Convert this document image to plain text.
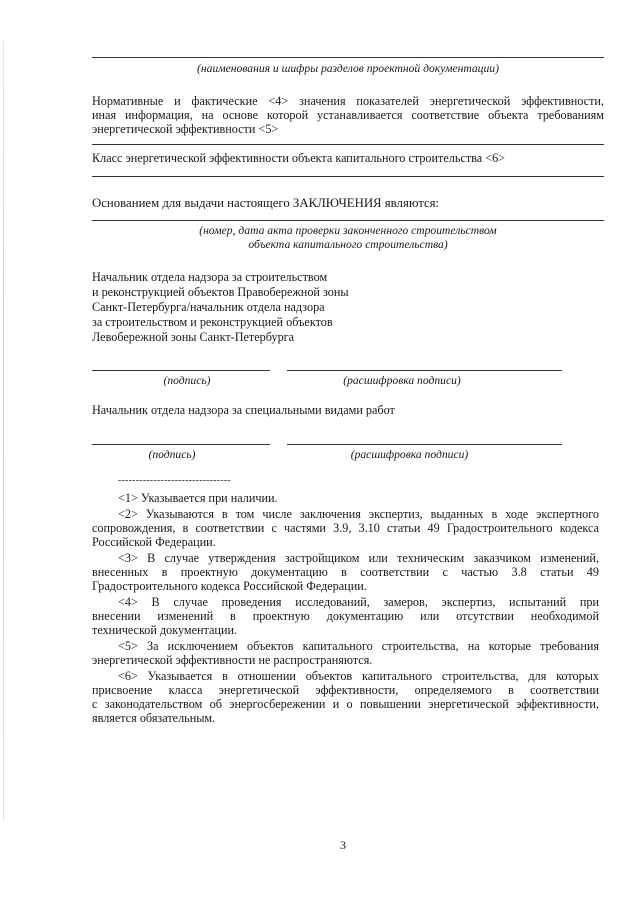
(наименования и шифры разделов проектной документации)
Нормативные и фактические <4> значения показателей энергетической эффективности,
иная информация, на основе которой устанавливается соответствие объекта требованиям
энергетической эффективности <5>
Класс энергетической эффективности объекта капитального строительства <6>
Основанием для выдачи настоящего ЗАКЛЮЧЕНИЯ являются:
(номер, дата акта проверки законченного строительством
объекта капитального строительства)
Начальник отдела надзора за строительством
и реконструкцией объектов Правобережной зоны
Санкт-Петербурга/начальник отдела надзора
за строительством и реконструкцией объектов
Левобережной зоны Санкт-Петербурга
(подпись)	(расшифровка подписи)
Начальник отдела надзора за специальными видами работ
(подпись)	(расшифровка подписи)
--------------------------------
<1> Указывается при наличии.
<2> Указываются в том числе заключения экспертиз, выданных в ходе экспертного
сопровождения, в соответствии с частями 3.9, 3.10 статьи 49 Градостроительного кодекса
Российской Федерации.
<3> В случае утверждения застройщиком или техническим заказчиком изменений,
внесенных в проектную документацию в соответствии с частью 3.8 статьи 49
Градостроительного кодекса Российской Федерации.
<4> В случае проведения исследований, замеров, экспертиз, испытаний при
внесении изменений в проектную документацию или отсутствии необходимой
технической документации.
<5> За исключением объектов капитального строительства, на которые требования
энергетической эффективности не распространяются.
<6> Указывается в отношении объектов капитального строительства, для которых
присвоение класса энергетической эффективности, определяемого в соответствии
с законодательством об энергосбережении и о повышении энергетической эффективности,
является обязательным.
3
